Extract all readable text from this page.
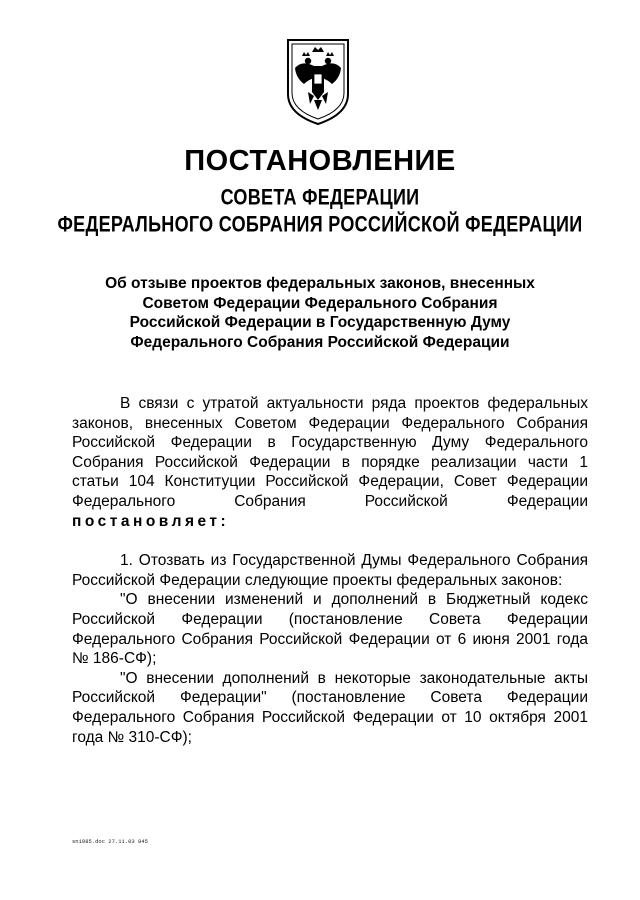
ПОСТАНОВЛЕНИЕ
СОВЕТА ФЕДЕРАЦИИ
ФЕДЕРАЛЬНОГО СОБРАНИЯ РОССИЙСКОЙ ФЕДЕРАЦИИ
Об отзыве проектов федеральных законов, внесенных
Советом Федерации Федерального Собрания
Российской Федерации в Государственную Думу
Федерального Собрания Российской Федерации
В связи с утратой актуальности ряда проектов федеральных законов, внесенных Советом Федерации Федерального Собрания Российской Федерации в Государственную Думу Федерального Собрания Российской Федерации в порядке реализации части 1 статьи 104 Конституции Российской Федерации, Совет Федерации Федерального Собрания Российской Федерации
постановляет:
1. Отозвать из Государственной Думы Федерального Собрания Российской Федерации следующие проекты федеральных законов:
"О внесении изменений и дополнений в Бюджетный кодекс Российской Федерации (постановление Совета Федерации Федерального Собрания Российской Федерации от 6 июня 2001 года № 186-СФ);
"О внесении дополнений в некоторые законодательные акты Российской Федерации" (постановление Совета Федерации Федерального Собрания Российской Федерации от 10 октября 2001 года № 310-СФ);
sn1985.doc 27.11.03 845
